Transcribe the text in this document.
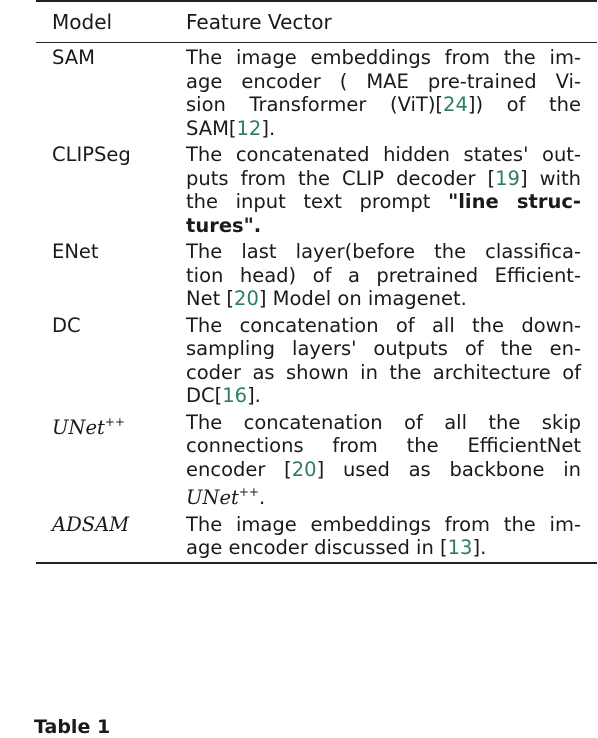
Model	Feature Vector
SAM	The image embeddings from the im-
age encoder ( MAE pre-trained Vi-
sion Transformer (ViT)[24]) of the
SAM[12].
CLIPSeg	The concatenated hidden states' out-
puts from the CLIP decoder [19] with
the input text prompt "line struc-
tures".
ENet	The last layer(before the classifica-
tion head) of a pretrained Efficient-
Net [20] Model on imagenet.
DC	The concatenation of all the down-
sampling layers' outputs of the en-
coder as shown in the architecture of
DC[16].
UNet++	The concatenation of all the skip
connections from the EfficientNet
encoder [20] used as backbone in
UNet++.
ADSAM	The image embeddings from the im-
age encoder discussed in [13].
Table 1
